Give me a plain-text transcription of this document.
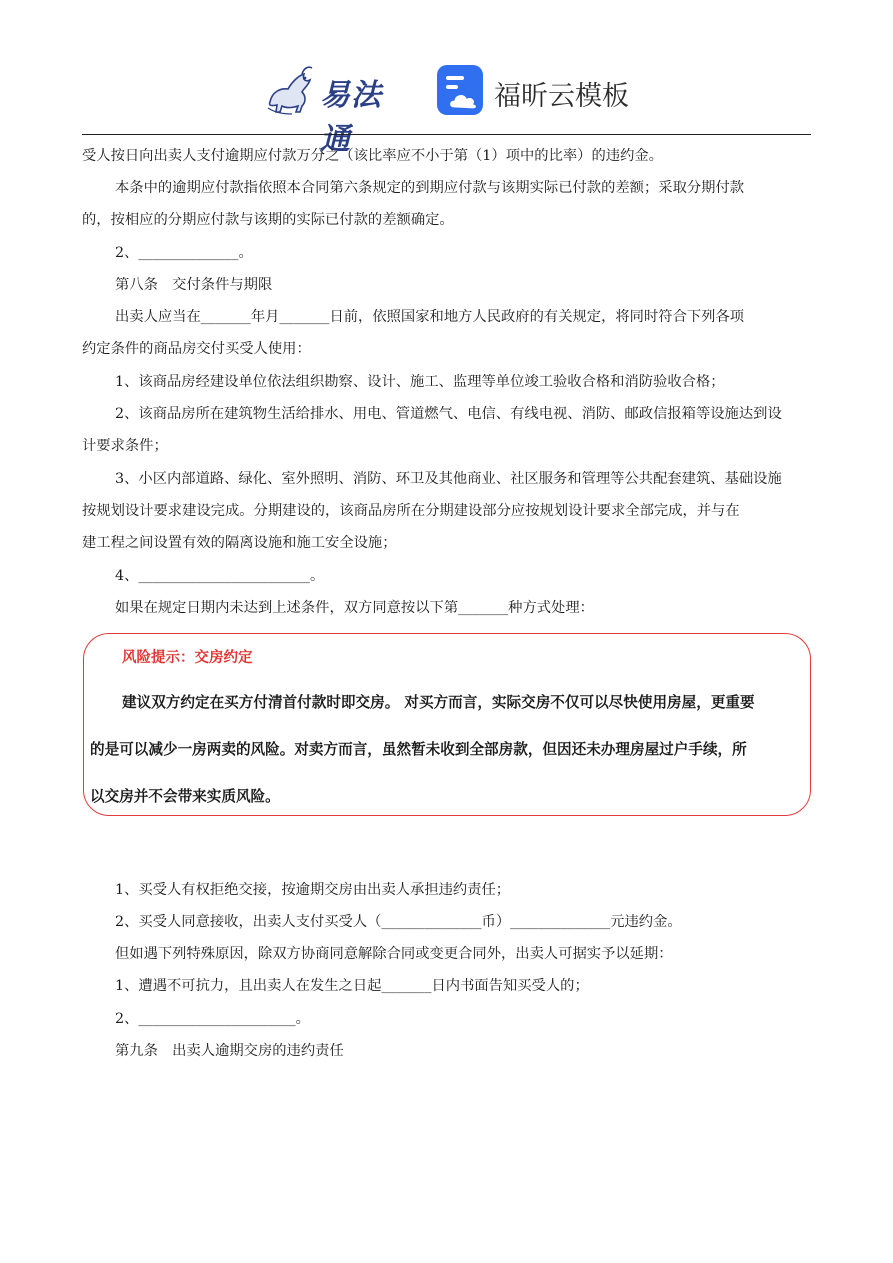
易法通
福昕云模板
受人按日向出卖人支付逾期应付款万分之（该比率应不小于第（1）项中的比率）的违约金。
本条中的逾期应付款指依照本合同第六条规定的到期应付款与该期实际已付款的差额；采取分期付款
的，按相应的分期应付款与该期的实际已付款的差额确定。
2、______________。
第八条　交付条件与期限
出卖人应当在_______年月_______日前，依照国家和地方人民政府的有关规定，将同时符合下列各项
约定条件的商品房交付买受人使用：
1、该商品房经建设单位依法组织勘察、设计、施工、监理等单位竣工验收合格和消防验收合格；
2、该商品房所在建筑物生活给排水、用电、管道燃气、电信、有线电视、消防、邮政信报箱等设施达到设
计要求条件；
3、小区内部道路、绿化、室外照明、消防、环卫及其他商业、社区服务和管理等公共配套建筑、基础设施
按规划设计要求建设完成。分期建设的，该商品房所在分期建设部分应按规划设计要求全部完成，并与在
建工程之间设置有效的隔离设施和施工安全设施；
4、________________________。
如果在规定日期内未达到上述条件，双方同意按以下第_______种方式处理：
风险提示：交房约定
建议双方约定在买方付清首付款时即交房。 对买方而言，实际交房不仅可以尽快使用房屋，更重要
的是可以减少一房两卖的风险。对卖方而言，虽然暂未收到全部房款，但因还未办理房屋过户手续，所
以交房并不会带来实质风险。
1、买受人有权拒绝交接，按逾期交房由出卖人承担违约责任；
2、买受人同意接收，出卖人支付买受人（______________币）______________元违约金。
但如遇下列特殊原因，除双方协商同意解除合同或变更合同外，出卖人可据实予以延期：
1、遭遇不可抗力，且出卖人在发生之日起_______日内书面告知买受人的；
2、______________________。
第九条　出卖人逾期交房的违约责任
